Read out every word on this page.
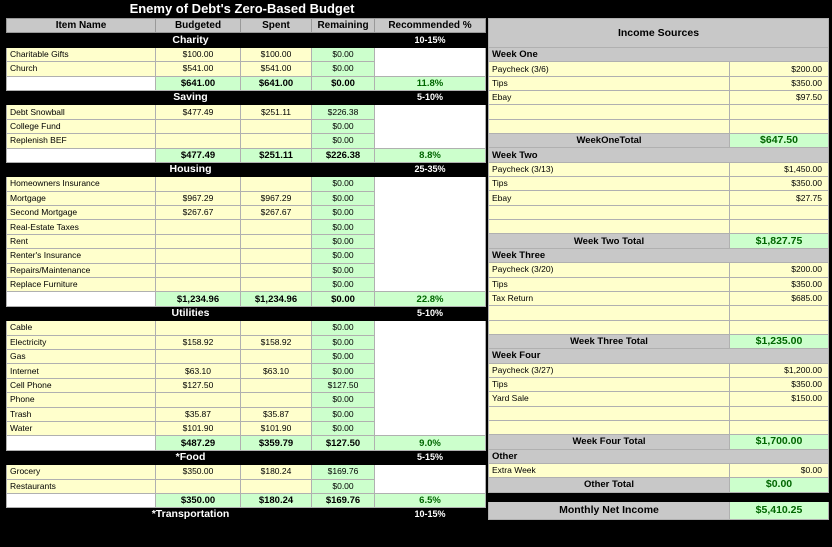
Enemy of Debt's Zero-Based Budget
Item Name	Budgeted	Spent	Remaining	Recommended %
Charity				10-15%
Charitable Gifts	$100.00	$100.00	$0.00	
Church	$541.00	$541.00	$0.00	
	$641.00	$641.00	$0.00	11.8%
Saving				5-10%
Debt Snowball	$477.49	$251.11	$226.38	
College Fund			$0.00	
Replenish BEF			$0.00	
	$477.49	$251.11	$226.38	8.8%
Housing				25-35%
Homeowners Insurance			$0.00	
Mortgage	$967.29	$967.29	$0.00	
Second Mortgage	$267.67	$267.67	$0.00	
Real-Estate Taxes			$0.00	
Rent			$0.00	
Renter's Insurance			$0.00	
Repairs/Maintenance			$0.00	
Replace Furniture			$0.00	
	$1,234.96	$1,234.96	$0.00	22.8%
Utilities				5-10%
Cable			$0.00	
Electricity	$158.92	$158.92	$0.00	
Gas			$0.00	
Internet	$63.10	$63.10	$0.00	
Cell Phone	$127.50		$127.50	
Phone			$0.00	
Trash	$35.87	$35.87	$0.00	
Water	$101.90	$101.90	$0.00	
	$487.29	$359.79	$127.50	9.0%
*Food				5-15%
Grocery	$350.00	$180.24	$169.76	
Restaurants			$0.00	
	$350.00	$180.24	$169.76	6.5%
*Transportation				10-15%
Income Sources	
Week One	
Paycheck (3/6)	$200.00
Tips	$350.00
Ebay	$97.50

WeekOneTotal	$647.50
Week Two	
Paycheck (3/13)	$1,450.00
Tips	$350.00
Ebay	$27.75

Week Two Total	$1,827.75
Week Three	
Paycheck (3/20)	$200.00
Tips	$350.00
Tax Return	$685.00

Week Three Total	$1,235.00
Week Four	
Paycheck (3/27)	$1,200.00
Tips	$350.00
Yard Sale	$150.00

Week Four Total	$1,700.00
Other	
Extra Week	$0.00
Other Total	$0.00

Monthly Net Income	$5,410.25
